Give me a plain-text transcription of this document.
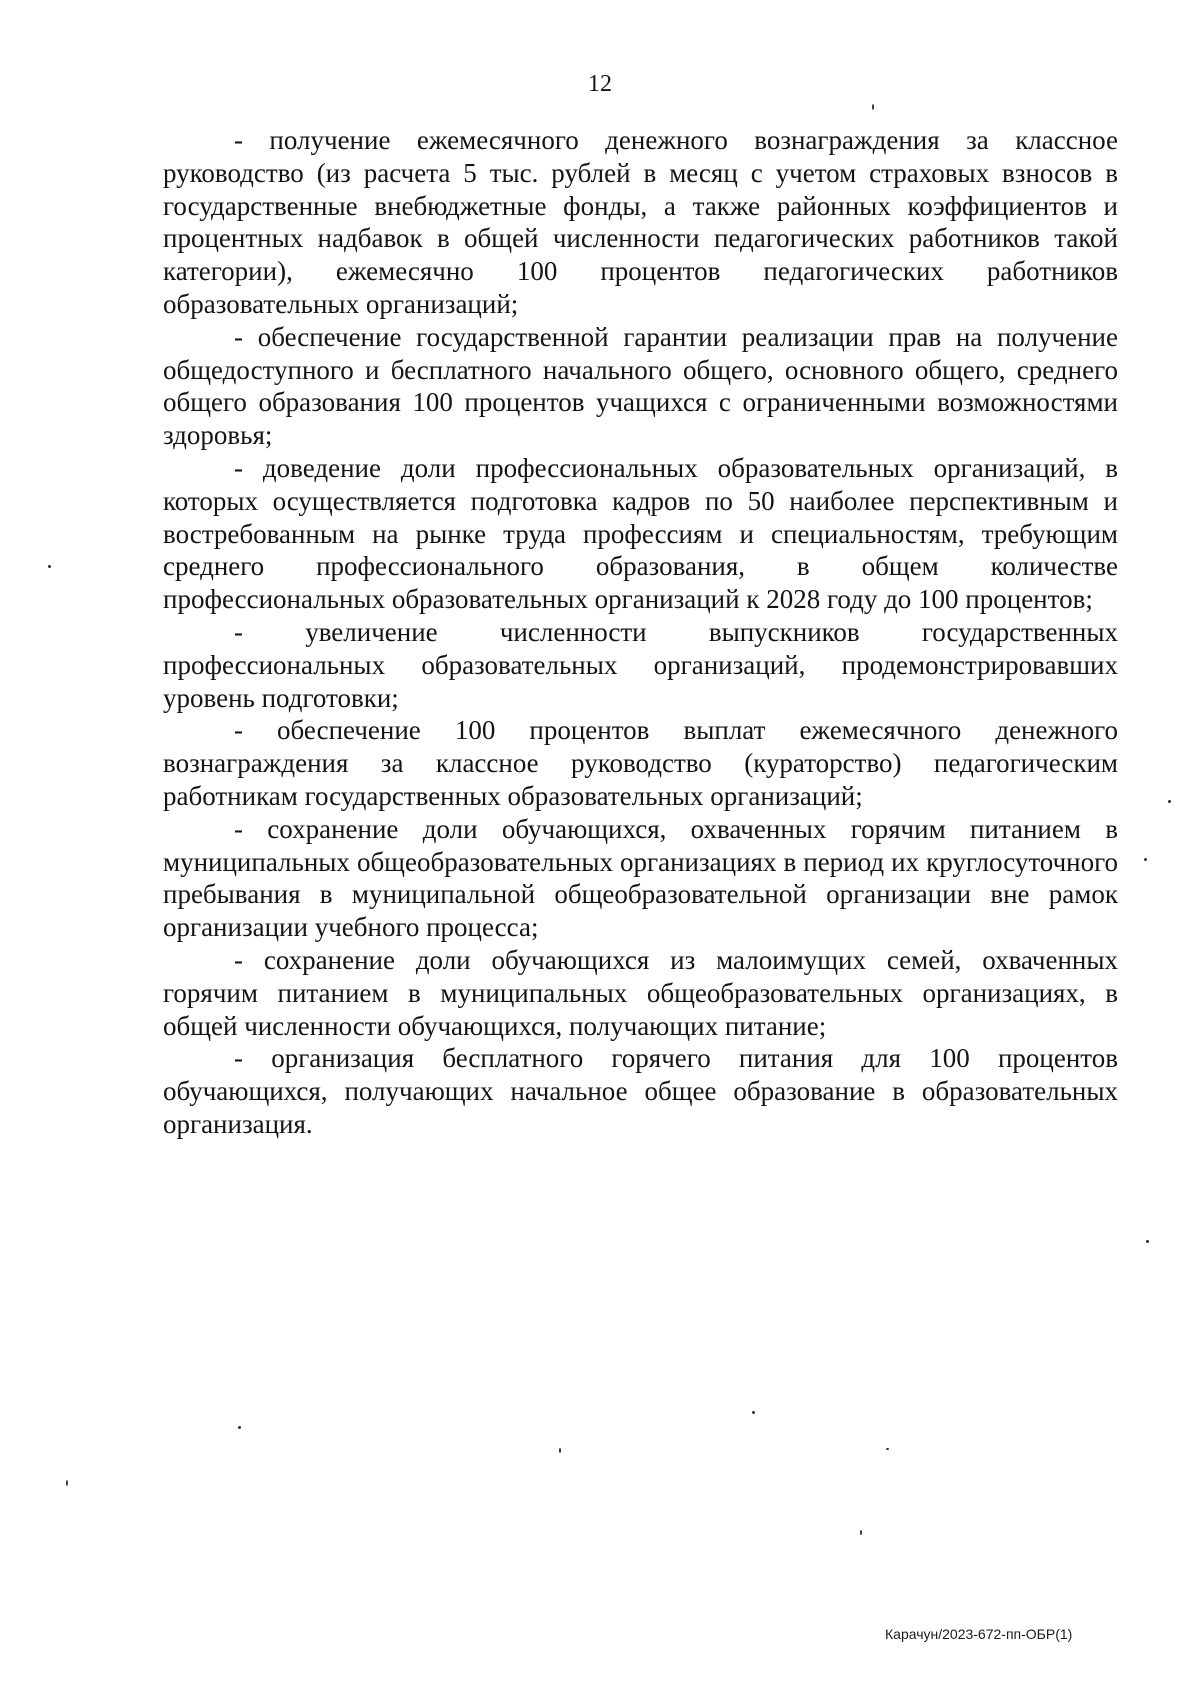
12

- получение ежемесячного денежного вознаграждения за классное руководство (из расчета 5 тыс. рублей в месяц с учетом страховых взносов в государственные внебюджетные фонды, а также районных коэффициентов и процентных надбавок в общей численности педагогических работников такой категории), ежемесячно 100 процентов педагогических работников образовательных организаций;

- обеспечение государственной гарантии реализации прав на получение общедоступного и бесплатного начального общего, основного общего, среднего общего образования 100 процентов учащихся с ограниченными возможностями здоровья;

- доведение доли профессиональных образовательных организаций, в которых осуществляется подготовка кадров по 50 наиболее перспективным и востребованным на рынке труда профессиям и специальностям, требующим среднего профессионального образования, в общем количестве профессиональных образовательных организаций к 2028 году до 100 процентов;

- увеличение численности выпускников государственных профессиональных образовательных организаций, продемонстрировавших уровень подготовки;

- обеспечение 100 процентов выплат ежемесячного денежного вознаграждения за классное руководство (кураторство) педагогическим работникам государственных образовательных организаций;

- сохранение доли обучающихся, охваченных горячим питанием в муниципальных общеобразовательных организациях в период их круглосуточного пребывания в муниципальной общеобразовательной организации вне рамок организации учебного процесса;

- сохранение доли обучающихся из малоимущих семей, охваченных горячим питанием в муниципальных общеобразовательных организациях, в общей численности обучающихся, получающих питание;

- организация бесплатного горячего питания для 100 процентов обучающихся, получающих начальное общее образование в образовательных организация.

Карачун/2023-672-пп-ОБР(1)
